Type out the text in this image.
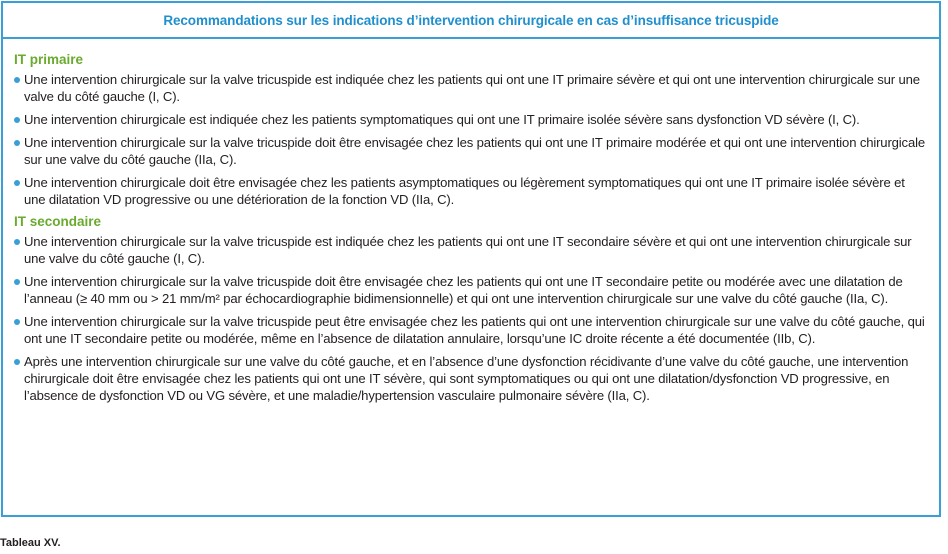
Recommandations sur les indications d’intervention chirurgicale en cas d’insuffisance tricuspide
IT primaire
Une intervention chirurgicale sur la valve tricuspide est indiquée chez les patients qui ont une IT primaire sévère et qui ont une intervention chirurgicale sur une valve du côté gauche (I, C).
Une intervention chirurgicale est indiquée chez les patients symptomatiques qui ont une IT primaire isolée sévère sans dysfonction VD sévère (I, C).
Une intervention chirurgicale sur la valve tricuspide doit être envisagée chez les patients qui ont une IT primaire modérée et qui ont une intervention chirurgicale sur une valve du côté gauche (IIa, C).
Une intervention chirurgicale doit être envisagée chez les patients asymptomatiques ou légèrement symptomatiques qui ont une IT primaire isolée sévère et une dilatation VD progressive ou une détérioration de la fonction VD (IIa, C).
IT secondaire
Une intervention chirurgicale sur la valve tricuspide est indiquée chez les patients qui ont une IT secondaire sévère et qui ont une intervention chirurgicale sur une valve du côté gauche (I, C).
Une intervention chirurgicale sur la valve tricuspide doit être envisagée chez les patients qui ont une IT secondaire petite ou modérée avec une dilatation de l’anneau (≥ 40 mm ou > 21 mm/m² par échocardiographie bidimensionnelle) et qui ont une intervention chirurgicale sur une valve du côté gauche (IIa, C).
Une intervention chirurgicale sur la valve tricuspide peut être envisagée chez les patients qui ont une intervention chirurgicale sur une valve du côté gauche, qui ont une IT secondaire petite ou modérée, même en l’absence de dilatation annulaire, lorsqu’une IC droite récente a été documentée (IIb, C).
Après une intervention chirurgicale sur une valve du côté gauche, et en l’absence d’une dysfonction récidivante d’une valve du côté gauche, une intervention chirurgicale doit être envisagée chez les patients qui ont une IT sévère, qui sont symptomatiques ou qui ont une dilatation/dysfonction VD progressive, en l’absence de dysfonction VD ou VG sévère, et une maladie/hypertension vasculaire pulmonaire sévère (IIa, C).
Tableau XV.
